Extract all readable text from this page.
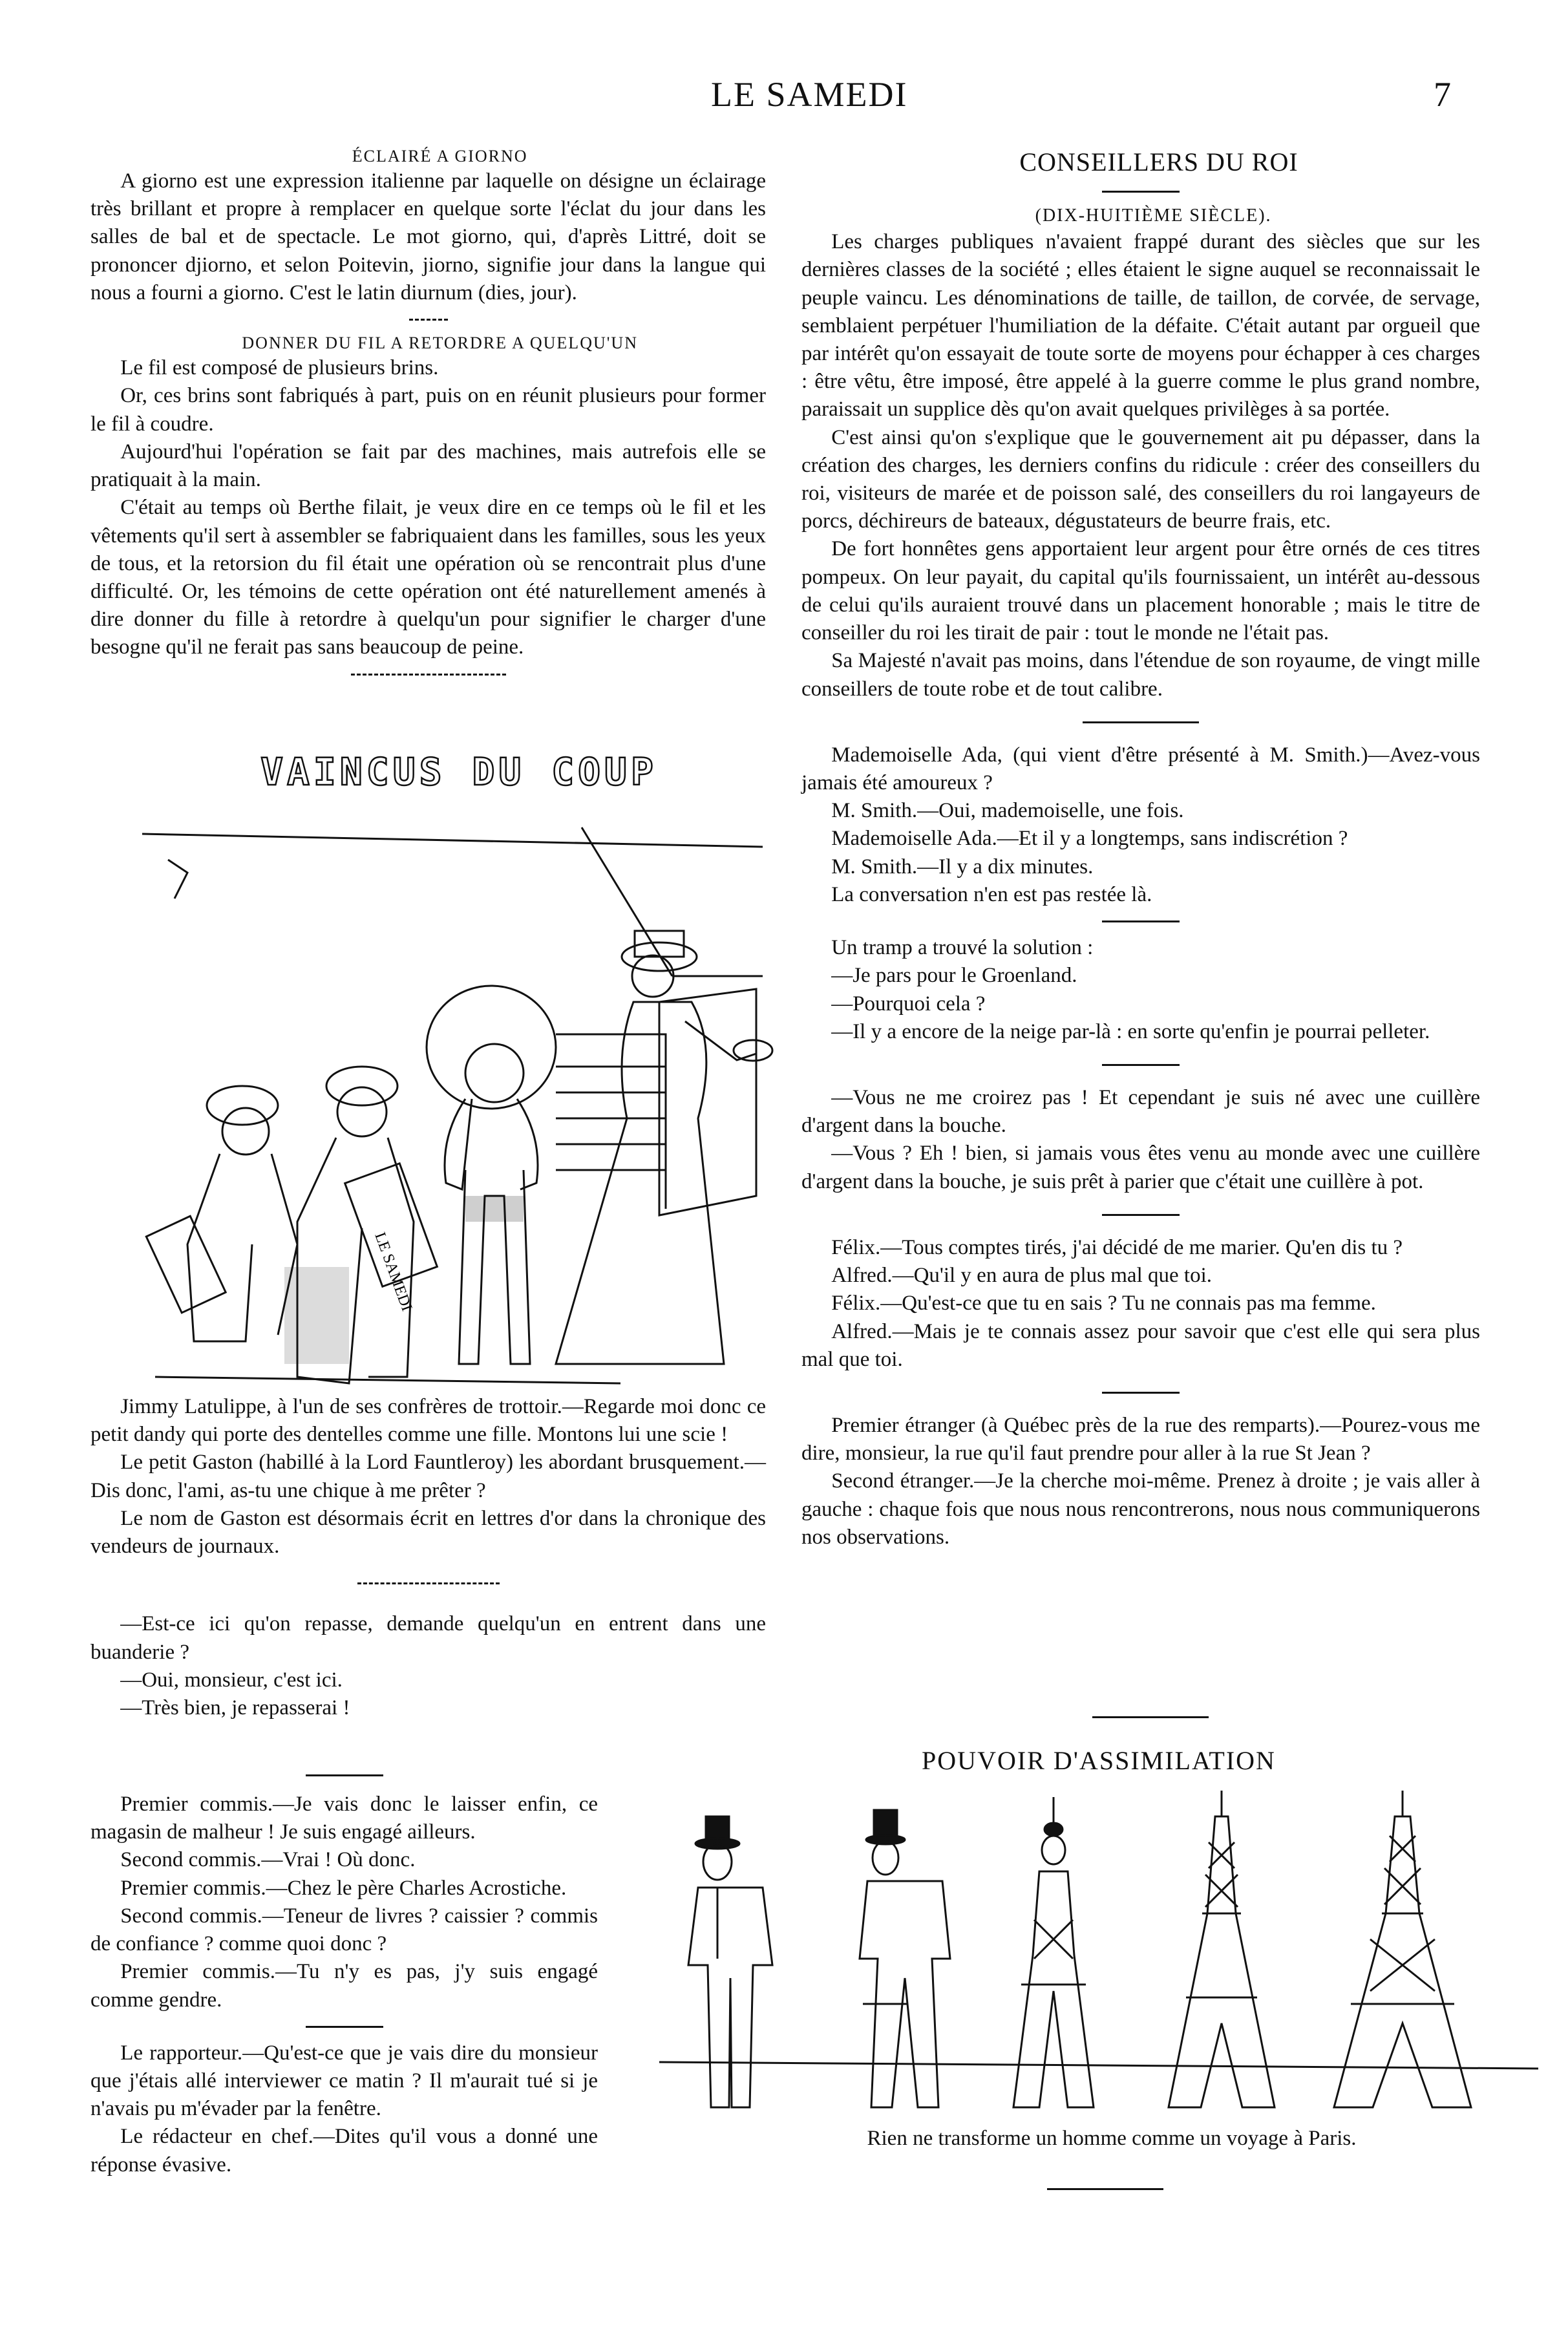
LE SAMEDI	7

ÉCLAIRÉ A GIORNO

A giorno est une expression italienne par laquelle on désigne un éclairage très brillant et propre à remplacer en quelque sorte l'éclat du jour dans les salles de bal et de spectacle. Le mot giorno, qui, d'après Littré, doit se prononcer djiorno, et selon Poitevin, jiorno, signifie jour dans la langue qui nous a fourni a giorno. C'est le latin diurnum (dies, jour).

DONNER DU FIL A RETORDRE A QUELQU'UN

Le fil est composé de plusieurs brins.

Or, ces brins sont fabriqués à part, puis on en réunit plusieurs pour former le fil à coudre.

Aujourd'hui l'opération se fait par des machines, mais autrefois elle se pratiquait à la main.

C'était au temps où Berthe filait, je veux dire en ce temps où le fil et les vêtements qu'il sert à assembler se fabriquaient dans les familles, sous les yeux de tous, et la retorsion du fil était une opération où se rencontrait plus d'une difficulté. Or, les témoins de cette opération ont été naturellement amenés à dire donner du fille à retordre à quelqu'un pour signifier le charger d'une besogne qu'il ne ferait pas sans beaucoup de peine.

VAINCUS DU COUP
LE SAMEDI

Jimmy Latulippe, à l'un de ses confrères de trottoir.—Regarde moi donc ce petit dandy qui porte des dentelles comme une fille. Montons lui une scie !

Le petit Gaston (habillé à la Lord Fauntleroy) les abordant brusquement.—Dis donc, l'ami, as-tu une chique à me prêter ?

Le nom de Gaston est désormais écrit en lettres d'or dans la chronique des vendeurs de journaux.

—Est-ce ici qu'on repasse, demande quelqu'un en entrent dans une buanderie ?

—Oui, monsieur, c'est ici.

—Très bien, je repasserai !

Premier commis.—Je vais donc le laisser enfin, ce magasin de malheur ! Je suis engagé ailleurs.

Second commis.—Vrai ! Où donc.

Premier commis.—Chez le père Charles Acrostiche.

Second commis.—Teneur de livres ? caissier ? commis de confiance ? comme quoi donc ?

Premier commis.—Tu n'y es pas, j'y suis engagé comme gendre.

Le rapporteur.—Qu'est-ce que je vais dire du monsieur que j'étais allé interviewer ce matin ? Il m'aurait tué si je n'avais pu m'évader par la fenêtre.

Le rédacteur en chef.—Dites qu'il vous a donné une réponse évasive.

CONSEILLERS DU ROI

(DIX-HUITIÈME SIÈCLE).

Les charges publiques n'avaient frappé durant des siècles que sur les dernières classes de la société ; elles étaient le signe auquel se reconnaissait le peuple vaincu. Les dénominations de taille, de taillon, de corvée, de servage, semblaient perpétuer l'humiliation de la défaite. C'était autant par orgueil que par intérêt qu'on essayait de toute sorte de moyens pour échapper à ces charges : être vêtu, être imposé, être appelé à la guerre comme le plus grand nombre, paraissait un supplice dès qu'on avait quelques privilèges à sa portée.

C'est ainsi qu'on s'explique que le gouvernement ait pu dépasser, dans la création des charges, les derniers confins du ridicule : créer des conseillers du roi, visiteurs de marée et de poisson salé, des conseillers du roi langayeurs de porcs, déchireurs de bateaux, dégustateurs de beurre frais, etc.

De fort honnêtes gens apportaient leur argent pour être ornés de ces titres pompeux. On leur payait, du capital qu'ils fournissaient, un intérêt au-dessous de celui qu'ils auraient trouvé dans un placement honorable ; mais le titre de conseiller du roi les tirait de pair : tout le monde ne l'était pas.

Sa Majesté n'avait pas moins, dans l'étendue de son royaume, de vingt mille conseillers de toute robe et de tout calibre.

Mademoiselle Ada, (qui vient d'être présenté à M. Smith.)—Avez-vous jamais été amoureux ?

M. Smith.—Oui, mademoiselle, une fois.

Mademoiselle Ada.—Et il y a longtemps, sans indiscrétion ?

M. Smith.—Il y a dix minutes.

La conversation n'en est pas restée là.

Un tramp a trouvé la solution :

—Je pars pour le Groenland.

—Pourquoi cela ?

—Il y a encore de la neige par-là : en sorte qu'enfin je pourrai pelleter.

—Vous ne me croirez pas ! Et cependant je suis né avec une cuillère d'argent dans la bouche.

—Vous ? Eh ! bien, si jamais vous êtes venu au monde avec une cuillère d'argent dans la bouche, je suis prêt à parier que c'était une cuillère à pot.

Félix.—Tous comptes tirés, j'ai décidé de me marier. Qu'en dis tu ?

Alfred.—Qu'il y en aura de plus mal que toi.

Félix.—Qu'est-ce que tu en sais ? Tu ne connais pas ma femme.

Alfred.—Mais je te connais assez pour savoir que c'est elle qui sera plus mal que toi.

Premier étranger (à Québec près de la rue des remparts).—Pourez-vous me dire, monsieur, la rue qu'il faut prendre pour aller à la rue St Jean ?

Second étranger.—Je la cherche moi-même. Prenez à droite ; je vais aller à gauche : chaque fois que nous nous rencontrerons, nous nous communiquerons nos observations.

POUVOIR D'ASSIMILATION
Rien ne transforme un homme comme un voyage à Paris.
